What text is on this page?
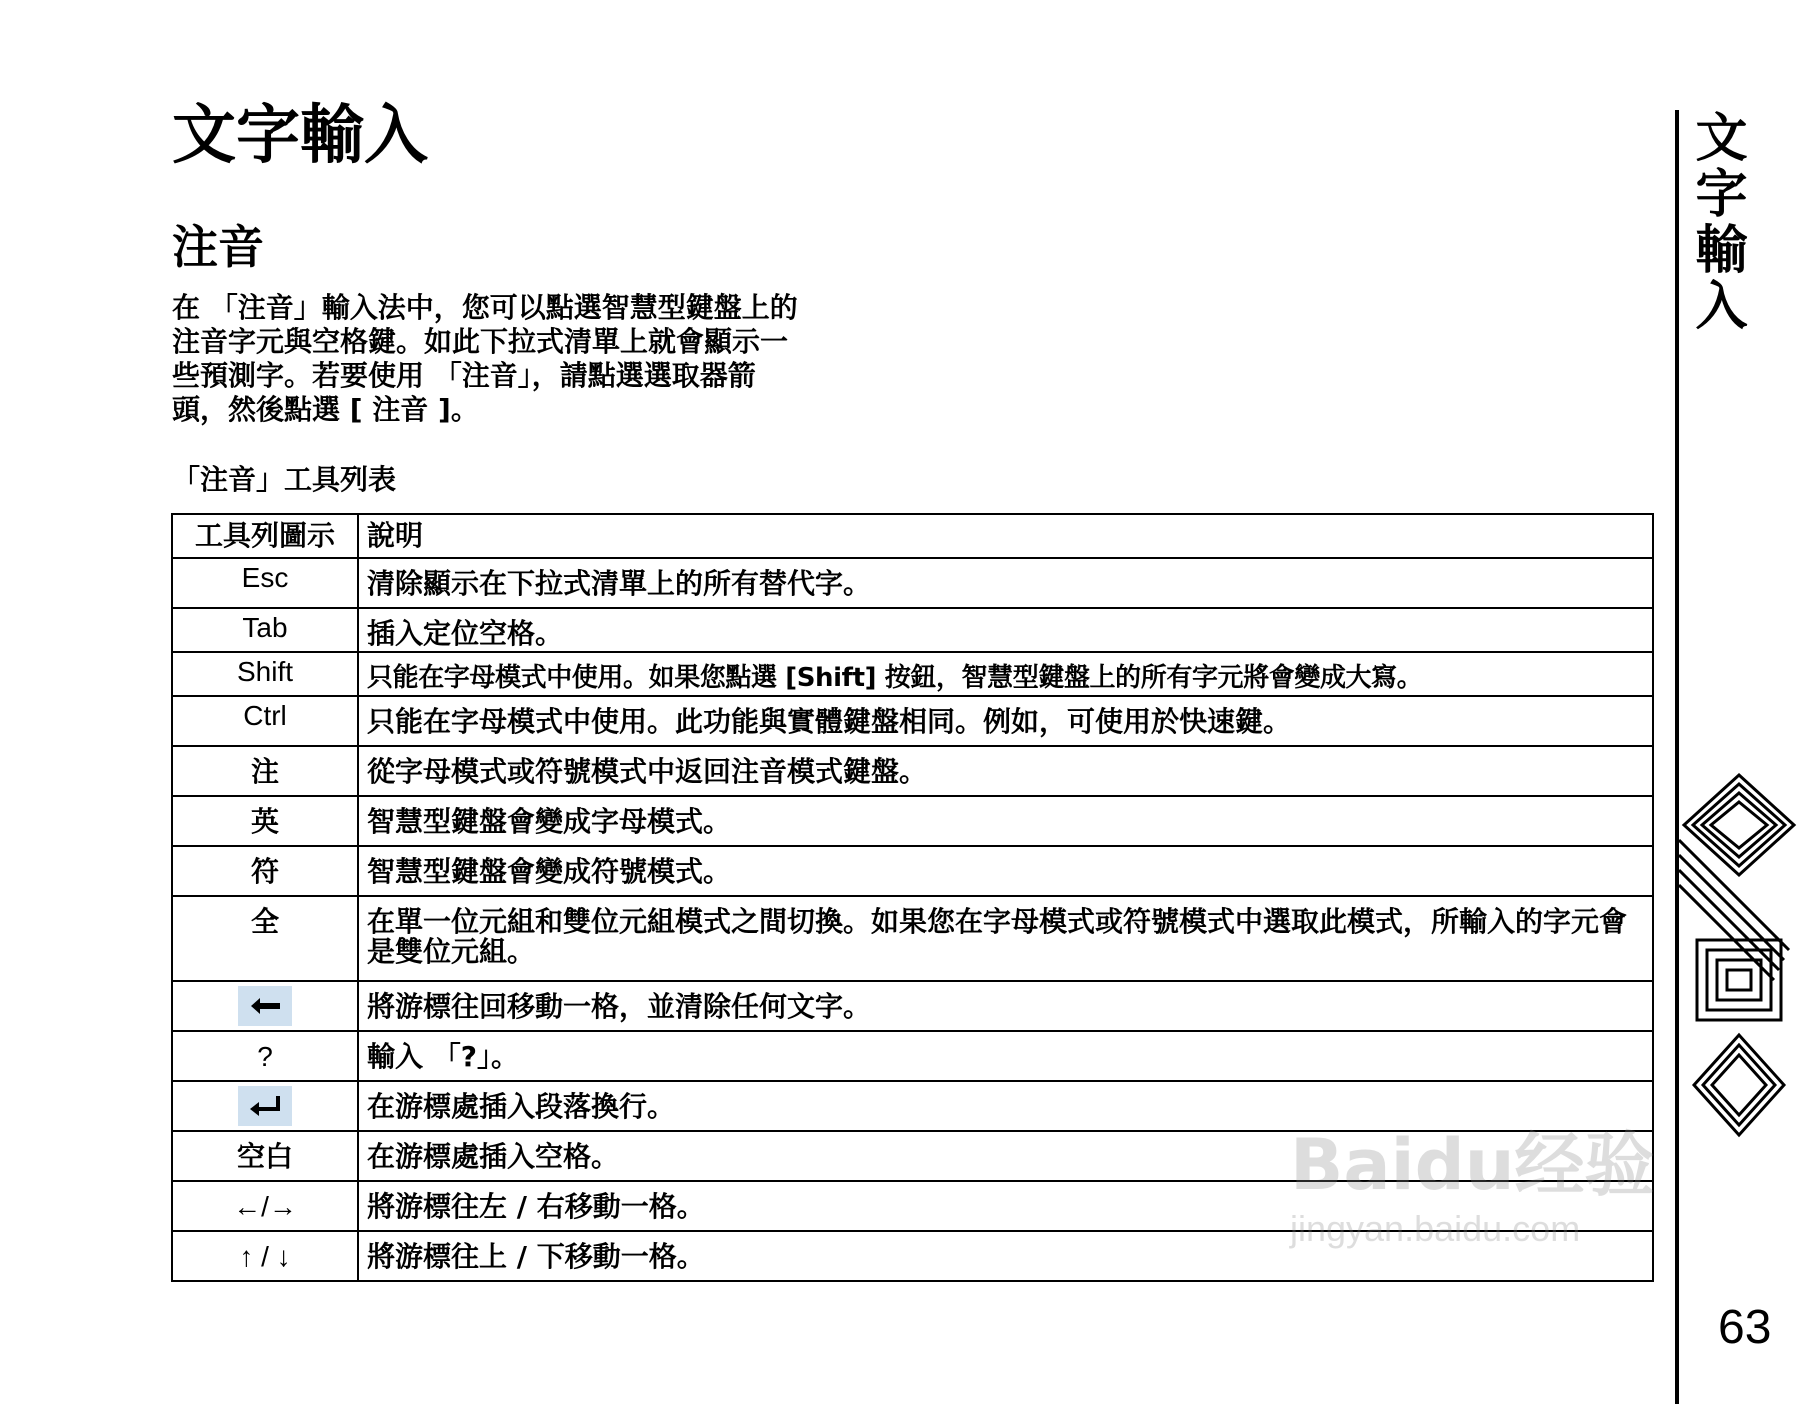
文字輸入
注音

在 「注音」輸入法中，您可以點選智慧型鍵盤上的
注音字元與空格鍵。如此下拉式清單上就會顯示一
些預測字。若要使用 「注音」，請點選選取器箭
頭，然後點選 [ 注音 ]。

「注音」工具列表
工具列圖示	說明
Esc	清除顯示在下拉式清單上的所有替代字。
Tab	插入定位空格。
Shift	只能在字母模式中使用。如果您點選 [Shift] 按鈕，智慧型鍵盤上的所有字元將會變成大寫。
Ctrl	只能在字母模式中使用。此功能與實體鍵盤相同。例如，可使用於快速鍵。
注	從字母模式或符號模式中返回注音模式鍵盤。
英	智慧型鍵盤會變成字母模式。
符	智慧型鍵盤會變成符號模式。
全	在單一位元組和雙位元組模式之間切換。如果您在字母模式或符號模式中選取此模式，所輸入的字元會是雙位元組。

	將游標往回移動一格，並清除任何文字。
?	輸入 「?」。

	在游標處插入段落換行。
空白	在游標處插入空格。
←/→	將游標往左 / 右移動一格。
↑ / ↓	將游標往上 / 下移動一格。
文字輸入
63
Baidu经验
jingyan.baidu.com
